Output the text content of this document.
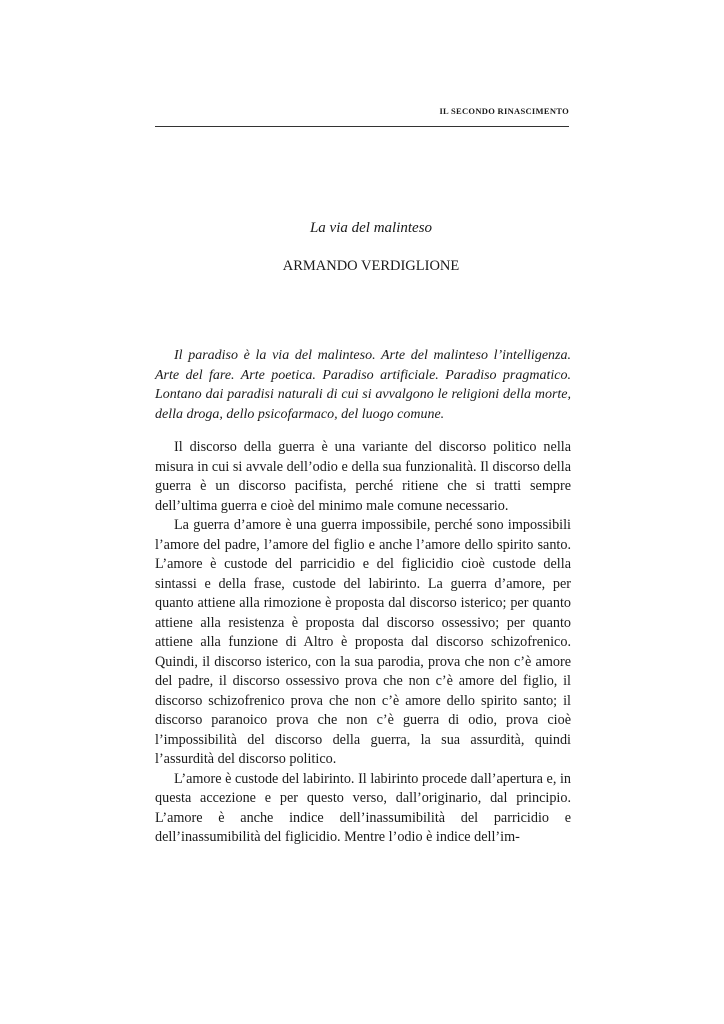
IL SECONDO RINASCIMENTO
La via del malinteso
ARMANDO VERDIGLIONE

Il paradiso è la via del malinteso. Arte del malinteso l’intelligenza. Arte del fare. Arte poetica. Paradiso artificiale. Paradiso pragmatico. Lontano dai paradisi naturali di cui si avvalgono le religioni della morte, della droga, dello psicofarmaco, del luogo comune.

Il discorso della guerra è una variante del discorso politico nella misura in cui si avvale dell’odio e della sua funzionalità. Il discorso della guerra è un discorso pacifista, perché ritiene che si tratti sempre dell’ultima guerra e cioè del minimo male comune necessario.

La guerra d’amore è una guerra impossibile, perché sono impossibili l’amore del padre, l’amore del figlio e anche l’amore dello spirito santo. L’amore è custode del parricidio e del figlicidio cioè custode della sintassi e della frase, custode del labirinto. La guerra d’amore, per quanto attiene alla rimozione è proposta dal discorso isterico; per quanto attiene alla resistenza è proposta dal discorso ossessivo; per quanto attiene alla funzione di Altro è proposta dal discorso schizofrenico. Quindi, il discorso isterico, con la sua parodia, prova che non c’è amore del padre, il discorso ossessivo prova che non c’è amore del figlio, il discorso schizofrenico prova che non c’è amore dello spirito santo; il discorso paranoico prova che non c’è guerra di odio, prova cioè l’impossibilità del discorso della guerra, la sua assurdità, quindi l’assurdità del discorso politico.

L’amore è custode del labirinto. Il labirinto procede dall’apertura e, in questa accezione e per questo verso, dall’originario, dal principio. L’amore è anche indice dell’inassumibilità del parricidio e dell’inassumibilità del figlicidio. Mentre l’odio è indice dell’im-
